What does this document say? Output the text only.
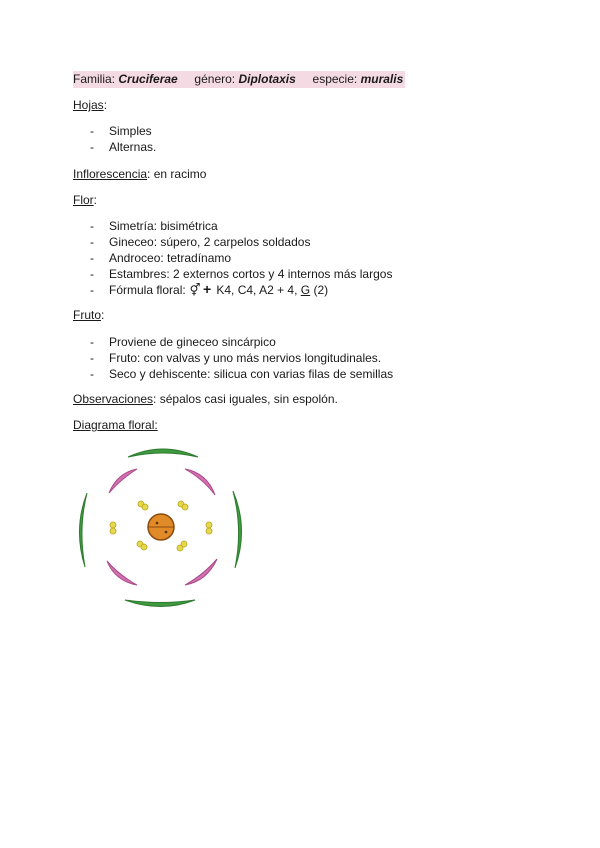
Familia: Cruciferae género: Diplotaxis especie: muralis

Hojas:

- Simples
- Alternas.

Inflorescencia: en racimo

Flor:

- Simetría: bisimétrica
- Gineceo: súpero, 2 carpelos soldados
- Androceo: tetradínamo
- Estambres: 2 externos cortos y 4 internos más largos
- Fórmula floral: ⚥ + K4, C4, A2 + 4, G (2)

Fruto:

- Proviene de gineceo sincárpico
- Fruto: con valvas y uno más nervios longitudinales.
- Seco y dehiscente: silicua con varias filas de semillas

Observaciones: sépalos casi iguales, sin espolón.

Diagrama floral:
